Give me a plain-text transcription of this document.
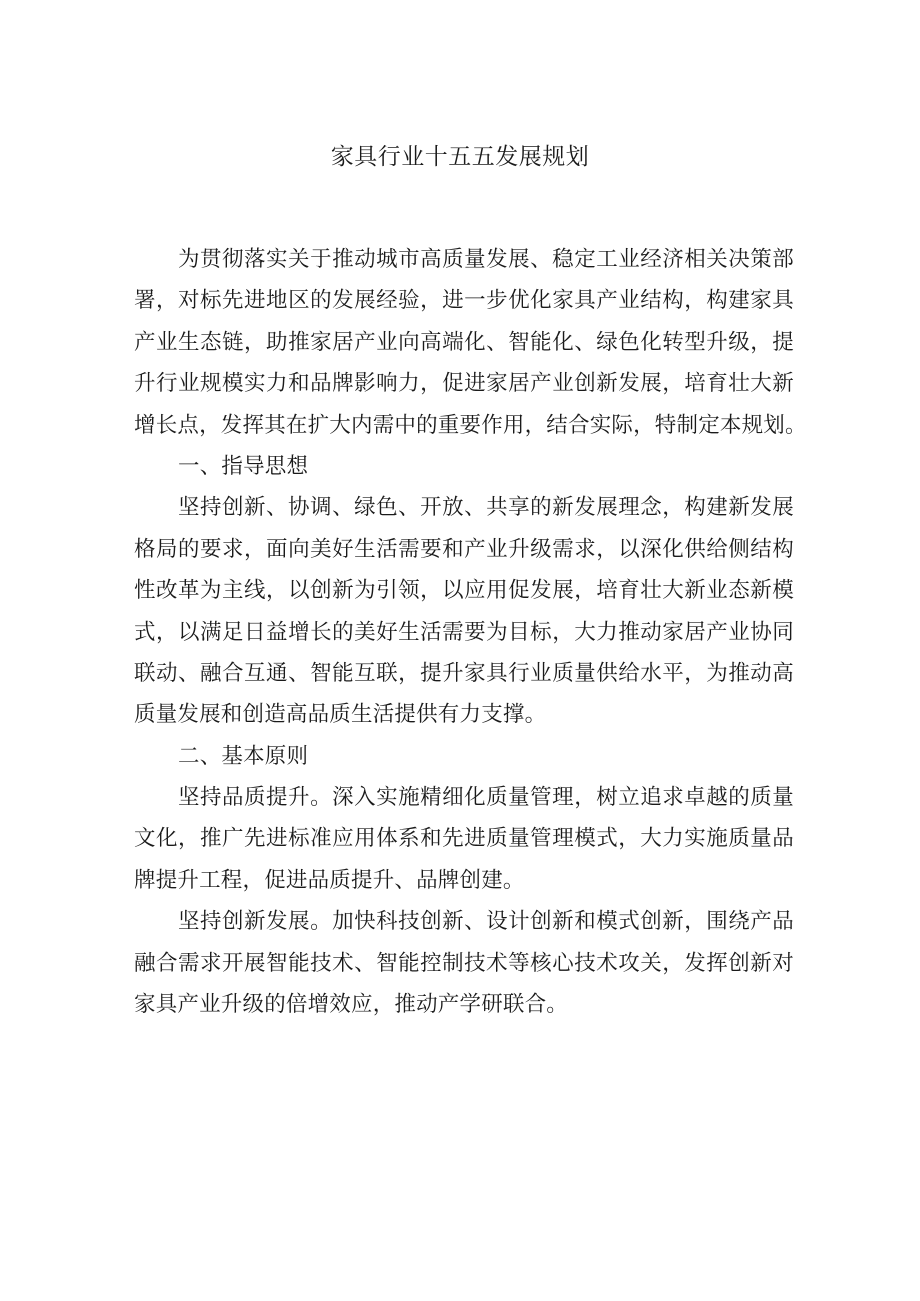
家具行业十五五发展规划
为贯彻落实关于推动城市高质量发展、稳定工业经济相关决策部
署，对标先进地区的发展经验，进一步优化家具产业结构，构建家具
产业生态链，助推家居产业向高端化、智能化、绿色化转型升级，提
升行业规模实力和品牌影响力，促进家居产业创新发展，培育壮大新
增长点，发挥其在扩大内需中的重要作用，结合实际，特制定本规划。
一、指导思想
坚持创新、协调、绿色、开放、共享的新发展理念，构建新发展
格局的要求，面向美好生活需要和产业升级需求，以深化供给侧结构
性改革为主线，以创新为引领，以应用促发展，培育壮大新业态新模
式，以满足日益增长的美好生活需要为目标，大力推动家居产业协同
联动、融合互通、智能互联，提升家具行业质量供给水平，为推动高
质量发展和创造高品质生活提供有力支撑。
二、基本原则
坚持品质提升。深入实施精细化质量管理，树立追求卓越的质量
文化，推广先进标准应用体系和先进质量管理模式，大力实施质量品
牌提升工程，促进品质提升、品牌创建。
坚持创新发展。加快科技创新、设计创新和模式创新，围绕产品
融合需求开展智能技术、智能控制技术等核心技术攻关，发挥创新对
家具产业升级的倍增效应，推动产学研联合。
